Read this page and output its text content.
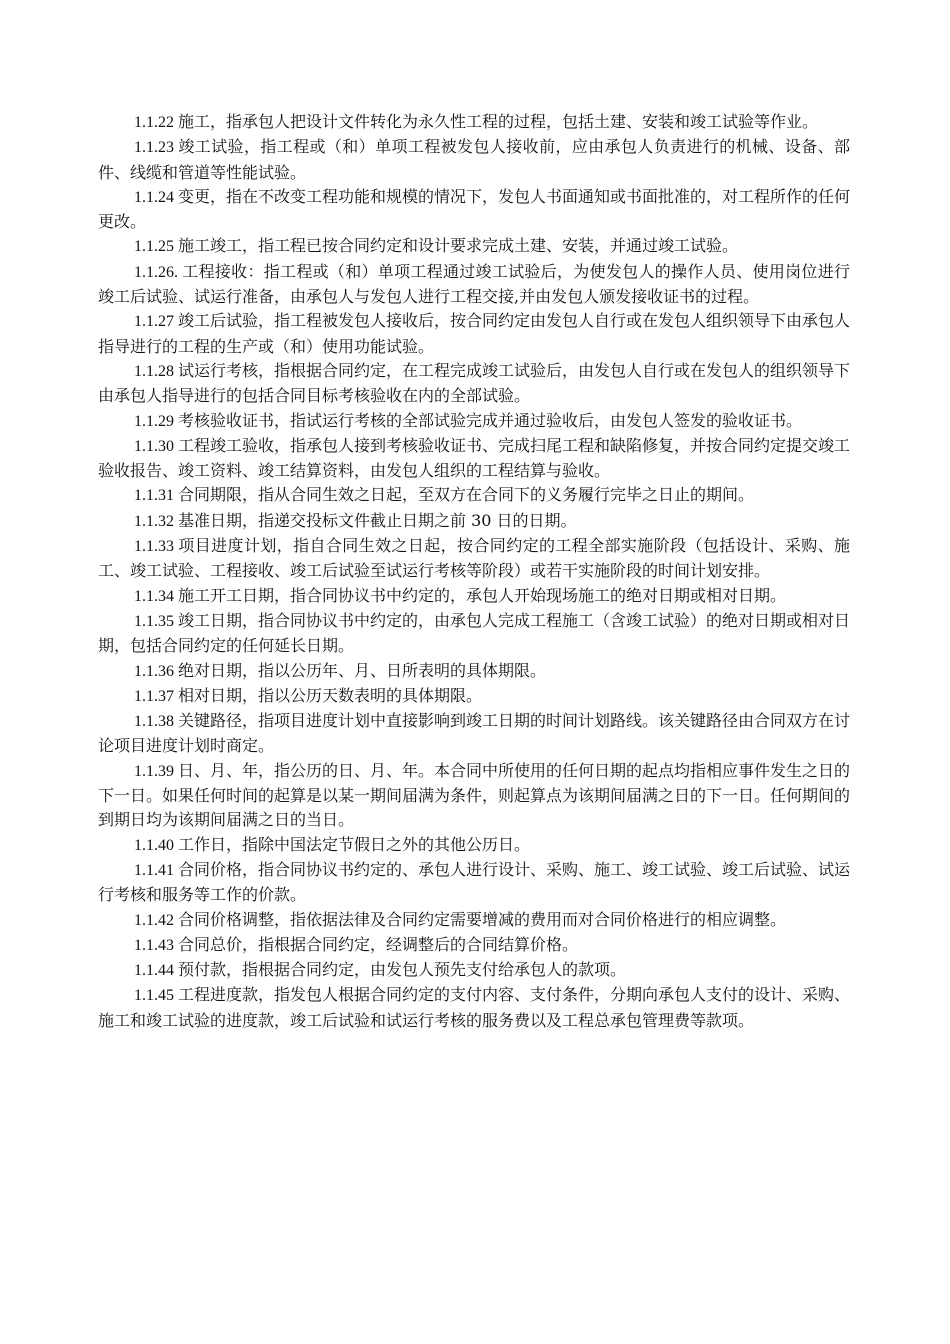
1.1.22 施工，指承包人把设计文件转化为永久性工程的过程，包括土建、安装和竣工试验等作业。

1.1.23 竣工试验，指工程或（和）单项工程被发包人接收前，应由承包人负责进行的机械、设备、部件、线缆和管道等性能试验。

1.1.24 变更，指在不改变工程功能和规模的情况下，发包人书面通知或书面批准的，对工程所作的任何更改。

1.1.25 施工竣工，指工程已按合同约定和设计要求完成土建、安装，并通过竣工试验。

1.1.26. 工程接收：指工程或（和）单项工程通过竣工试验后，为使发包人的操作人员、使用岗位进行竣工后试验、试运行准备，由承包人与发包人进行工程交接,并由发包人颁发接收证书的过程。

1.1.27 竣工后试验，指工程被发包人接收后，按合同约定由发包人自行或在发包人组织领导下由承包人指导进行的工程的生产或（和）使用功能试验。

1.1.28 试运行考核，指根据合同约定，在工程完成竣工试验后，由发包人自行或在发包人的组织领导下由承包人指导进行的包括合同目标考核验收在内的全部试验。

1.1.29 考核验收证书，指试运行考核的全部试验完成并通过验收后，由发包人签发的验收证书。

1.1.30 工程竣工验收，指承包人接到考核验收证书、完成扫尾工程和缺陷修复，并按合同约定提交竣工验收报告、竣工资料、竣工结算资料，由发包人组织的工程结算与验收。

1.1.31 合同期限，指从合同生效之日起，至双方在合同下的义务履行完毕之日止的期间。

1.1.32 基准日期，指递交投标文件截止日期之前 30 日的日期。

1.1.33 项目进度计划，指自合同生效之日起，按合同约定的工程全部实施阶段（包括设计、采购、施工、竣工试验、工程接收、竣工后试验至试运行考核等阶段）或若干实施阶段的时间计划安排。

1.1.34 施工开工日期，指合同协议书中约定的，承包人开始现场施工的绝对日期或相对日期。

1.1.35 竣工日期，指合同协议书中约定的，由承包人完成工程施工（含竣工试验）的绝对日期或相对日期，包括合同约定的任何延长日期。

1.1.36 绝对日期，指以公历年、月、日所表明的具体期限。

1.1.37 相对日期，指以公历天数表明的具体期限。

1.1.38 关键路径，指项目进度计划中直接影响到竣工日期的时间计划路线。该关键路径由合同双方在讨论项目进度计划时商定。

1.1.39 日、月、年，指公历的日、月、年。本合同中所使用的任何日期的起点均指相应事件发生之日的下一日。如果任何时间的起算是以某一期间届满为条件，则起算点为该期间届满之日的下一日。任何期间的到期日均为该期间届满之日的当日。

1.1.40 工作日，指除中国法定节假日之外的其他公历日。

1.1.41 合同价格，指合同协议书约定的、承包人进行设计、采购、施工、竣工试验、竣工后试验、试运行考核和服务等工作的价款。

1.1.42 合同价格调整，指依据法律及合同约定需要增减的费用而对合同价格进行的相应调整。

1.1.43 合同总价，指根据合同约定，经调整后的合同结算价格。

1.1.44 预付款，指根据合同约定，由发包人预先支付给承包人的款项。

1.1.45 工程进度款，指发包人根据合同约定的支付内容、支付条件，分期向承包人支付的设计、采购、施工和竣工试验的进度款，竣工后试验和试运行考核的服务费以及工程总承包管理费等款项。
